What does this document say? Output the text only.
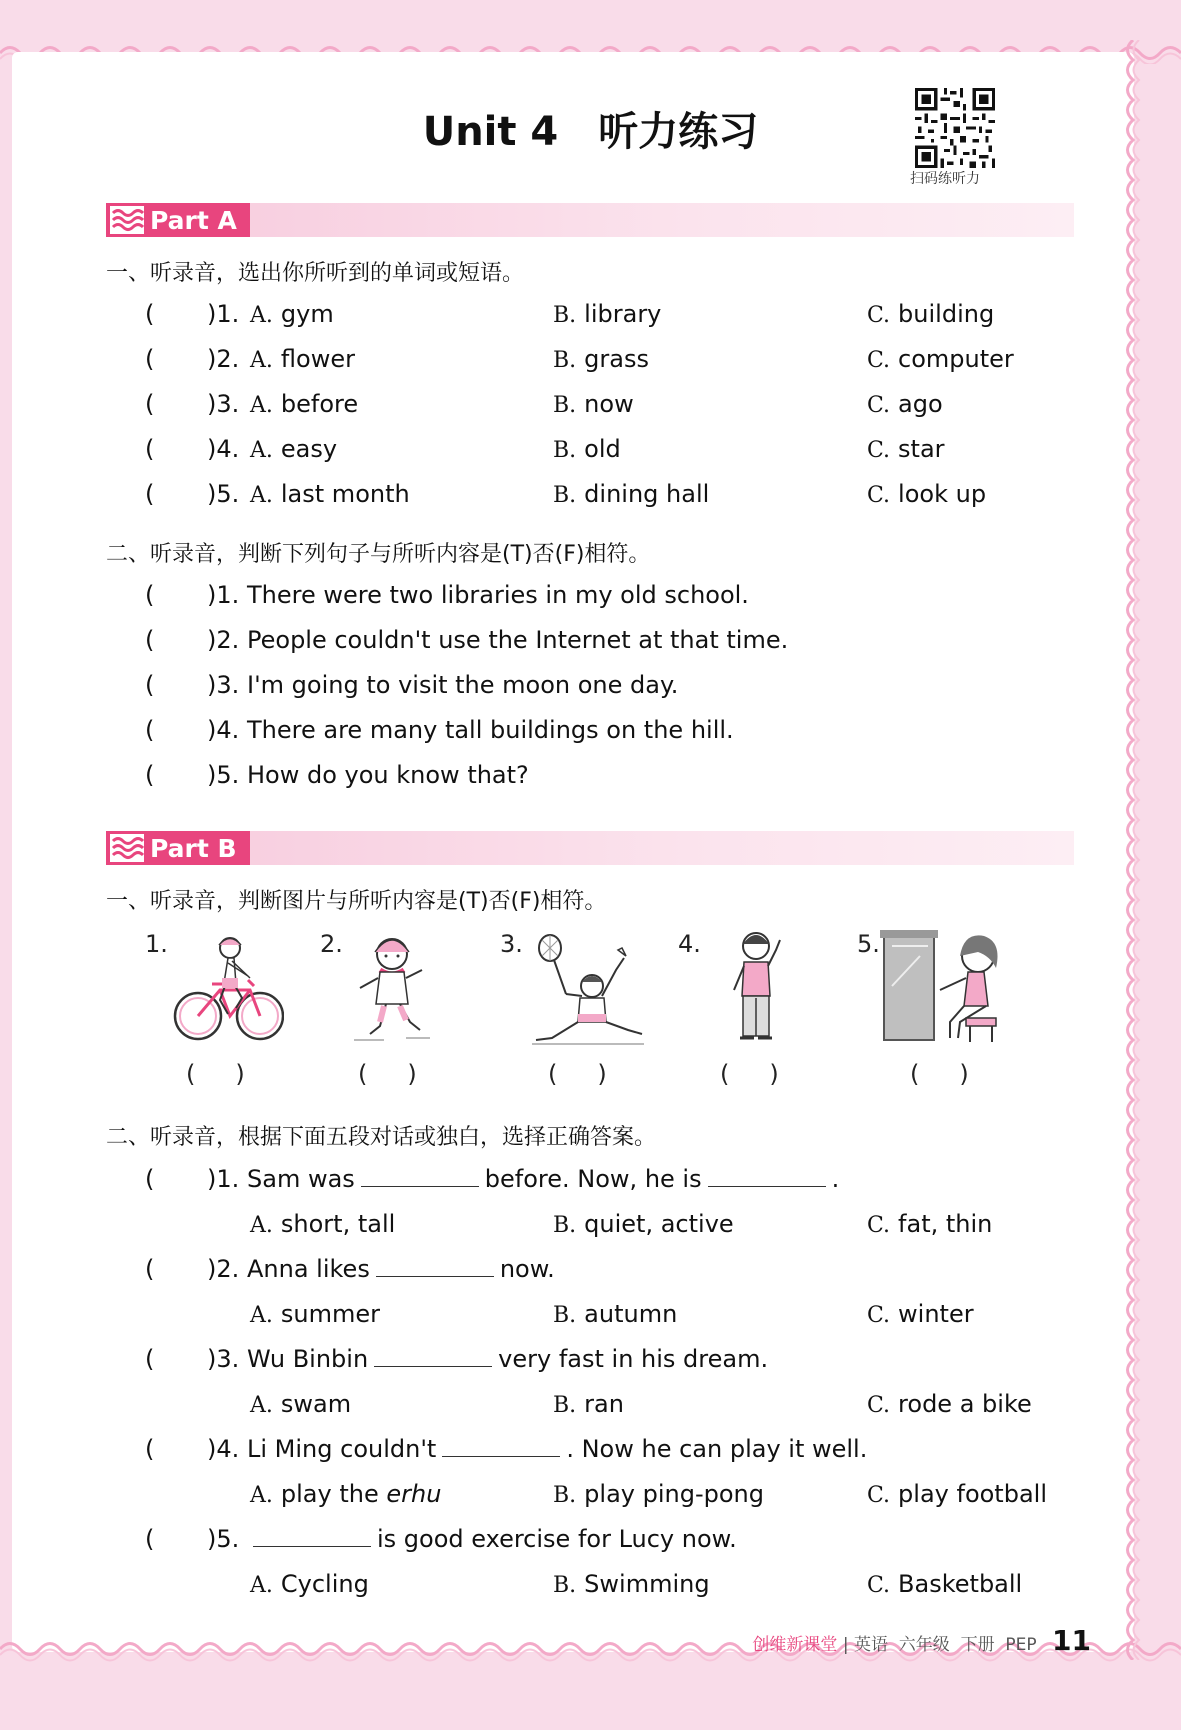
Unit 4 听力练习
扫码练听力
Part A
一、听录音，选出你所听到的单词或短语。
( )1. A. gym	B. library	C. building
( )2. A. flower	B. grass	C. computer
( )3. A. before	B. now	C. ago
( )4. A. easy	B. old	C. star
( )5. A. last month	B. dining hall	C. look up
二、听录音，判断下列句子与所听内容是(T)否(F)相符。
( )1. There were two libraries in my old school.
( )2. People couldn't use the Internet at that time.
( )3. I'm going to visit the moon one day.
( )4. There are many tall buildings on the hill.
( )5. How do you know that?
Part B
一、听录音，判断图片与所听内容是(T)否(F)相符。
1.
( )
2.
( )
3.
( )
4.
( )
5.
( )
二、听录音，根据下面五段对话或独白，选择正确答案。
( )1. Sam was	before. Now, he is	.
A. short, tall	B. quiet, active	C. fat, thin
( )2. Anna likes	now.
A. summer	B. autumn	C. winter
( )3. Wu Binbin	very fast in his dream.
A. swam	B. ran	C. rode a bike
( )4. Li Ming couldn't	. Now he can play it well.
A. play the erhu	B. play ping-pong	C. play football
( )5.	is good exercise for Lucy now.
A. Cycling	B. Swimming	C. Basketball
创维新课堂 | 英语  六年级  下册  PEP 11
